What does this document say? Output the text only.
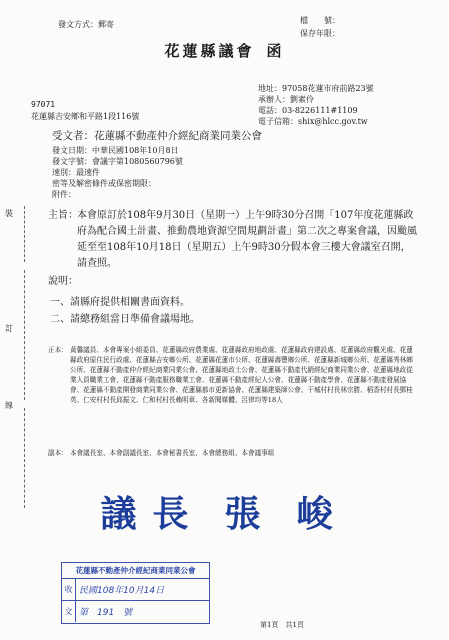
發文方式：郵寄	檔　　號：
保存年限：
花蓮縣議會 函
地址：97058花蓮市府前路23號
承辦人：劉素伶
電話：03-8226111#1109
電子信箱：shix@hlcc.gov.tw
97071
花蓮縣吉安鄉和平路1段116號
受文者：花蓮縣不動產仲介經紀商業同業公會
發文日期：中華民國108年10月8日
發文字號：會議字第1080560796號
速別：最速件
密等及解密條件或保密期限：
附件：
裝
訂
線
主旨： 本會原訂於108年9月30日（星期一）上午9時30分召開「107年度花蓮縣政府為配合國土計畫、推動農地資源空間規劃計畫」第二次之專案會議，因颱風延至至108年10月18日（星期五）上午9時30分假本會三樓大會議室召開，請查照。
說明：
一、請縣府提供相關書面資料。
二、請總務組當日準備會議場地。
正本： 黃馨議員、本會專案小組委員、花蓮縣政府農業處、花蓮縣政府地政處、花蓮縣政府建設處、花蓮縣政府觀光處、花蓮縣政府原住民行政處、花蓮縣吉安鄉公所、花蓮縣花蓮市公所、花蓮縣壽豐鄉公所、花蓮縣新城鄉公所、花蓮縣秀林鄉公所、花蓮縣不動產仲介經紀商業同業公會、花蓮縣地政士公會、花蓮縣不動產代銷經紀商業同業公會、花蓮縣地政從業人員職業工會、花蓮縣不動產服務職業工會、花蓮縣不動產經紀人公會、花蓮縣不動產學會、花蓮縣不動產發展協會、花蓮縣不動產開發商業同業公會、花蓮縣都市更新協會、花蓮縣建築師公會、干城村村長林宗勝、稻香村村長鄧桂英、仁安村村長邱振文、仁和村村長賴明章、各新聞媒體、呂律均等18人
副本： 本會議長室、本會副議長室、本會秘書長室、本會總務組、本會議事組
議長 張 峻
花蓮縣不動產仲介經紀商業同業公會
收 民國108年10月14日
文 第　191　號
第1頁　共1頁
